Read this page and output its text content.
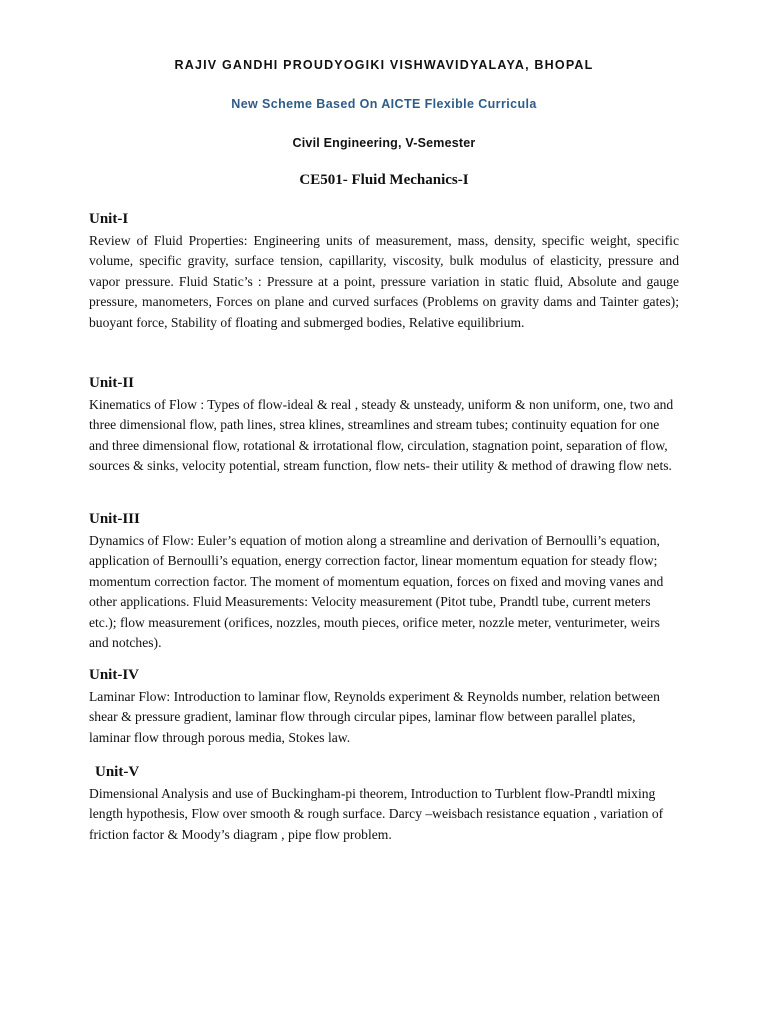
RAJIV GANDHI PROUDYOGIKI VISHWAVIDYALAYA, BHOPAL
New Scheme Based On AICTE Flexible Curricula
Civil Engineering, V-Semester
CE501- Fluid Mechanics-I
Unit-I

Review of Fluid Properties: Engineering units of measurement, mass, density, specific weight, specific volume, specific gravity, surface tension, capillarity, viscosity, bulk modulus of elasticity, pressure and vapor pressure. Fluid Static’s : Pressure at a point, pressure variation in static fluid, Absolute and gauge pressure, manometers, Forces on plane and curved surfaces (Problems on gravity dams and Tainter gates); buoyant force, Stability of floating and submerged bodies, Relative equilibrium.

Unit-II

Kinematics of Flow : Types of flow-ideal & real , steady & unsteady, uniform & non uniform, one, two and three dimensional flow, path lines, strea klines, streamlines and stream tubes; continuity equation for one and three dimensional flow, rotational & irrotational flow, circulation, stagnation point, separation of flow, sources & sinks, velocity potential, stream function, flow nets- their utility & method of drawing flow nets.

Unit-III

Dynamics of Flow: Euler’s equation of motion along a streamline and derivation of Bernoulli’s equation, application of Bernoulli’s equation, energy correction factor, linear momentum equation for steady flow; momentum correction factor. The moment of momentum equation, forces on fixed and moving vanes and other applications. Fluid Measurements: Velocity measurement (Pitot tube, Prandtl tube, current meters etc.); flow measurement (orifices, nozzles, mouth pieces, orifice meter, nozzle meter, venturimeter, weirs and notches).

Unit-IV

Laminar Flow: Introduction to laminar flow, Reynolds experiment & Reynolds number, relation between shear & pressure gradient, laminar flow through circular pipes, laminar flow between parallel plates, laminar flow through porous media, Stokes law.

Unit-V

Dimensional Analysis and use of Buckingham-pi theorem, Introduction to Turblent flow-Prandtl mixing length hypothesis, Flow over smooth & rough surface. Darcy –weisbach resistance equation , variation of friction factor & Moody’s diagram , pipe flow problem.
